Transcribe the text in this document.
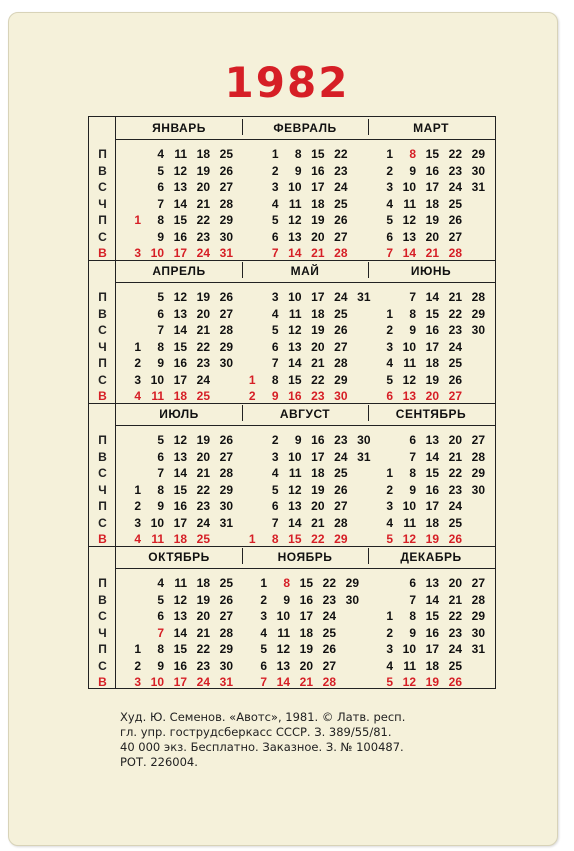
1982
П
В
С
Ч
П
С
В
ЯНВАРЬ
1
3
4
5
6
7
8
9
10
11
12
13
14
15
16
17
18
19
20
21
22
23
24
25
26
27
28
29
30
31
ФЕВРАЛЬ
1
2
3
4
5
6
7
8
9
10
11
12
13
14
15
16
17
18
19
20
21
22
23
24
25
26
27
28
МАРТ
1
2
3
4
5
6
7
8
9
10
11
12
13
14
15
16
17
18
19
20
21
22
23
24
25
26
27
28
29
30
31
П
В
С
Ч
П
С
В
АПРЕЛЬ
1
2
3
4
5
6
7
8
9
10
11
12
13
14
15
16
17
18
19
20
21
22
23
24
25
26
27
28
29
30
МАЙ
1
2
3
4
5
6
7
8
9
10
11
12
13
14
15
16
17
18
19
20
21
22
23
24
25
26
27
28
29
30
31
ИЮНЬ
1
2
3
4
5
6
7
8
9
10
11
12
13
14
15
16
17
18
19
20
21
22
23
24
25
26
27
28
29
30
П
В
С
Ч
П
С
В
ИЮЛЬ
1
2
3
4
5
6
7
8
9
10
11
12
13
14
15
16
17
18
19
20
21
22
23
24
25
26
27
28
29
30
31
АВГУСТ
1
2
3
4
5
6
7
8
9
10
11
12
13
14
15
16
17
18
19
20
21
22
23
24
25
26
27
28
29
30
31
СЕНТЯБРЬ
1
2
3
4
5
6
7
8
9
10
11
12
13
14
15
16
17
18
19
20
21
22
23
24
25
26
27
28
29
30
П
В
С
Ч
П
С
В
ОКТЯБРЬ
1
2
3
4
5
6
7
8
9
10
11
12
13
14
15
16
17
18
19
20
21
22
23
24
25
26
27
28
29
30
31
НОЯБРЬ
1
2
3
4
5
6
7
8
9
10
11
12
13
14
15
16
17
18
19
20
21
22
23
24
25
26
27
28
29
30
ДЕКАБРЬ
1
2
3
4
5
6
7
8
9
10
11
12
13
14
15
16
17
18
19
20
21
22
23
24
25
26
27
28
29
30
31
Худ. Ю. Семенов. «Авотс», 1981. © Латв. респ.
гл. упр. гострудсберкасс СССР. З. 389/55/81.
40 000 экз. Бесплатно. Заказное. З. № 100487.
РОТ. 226004.
